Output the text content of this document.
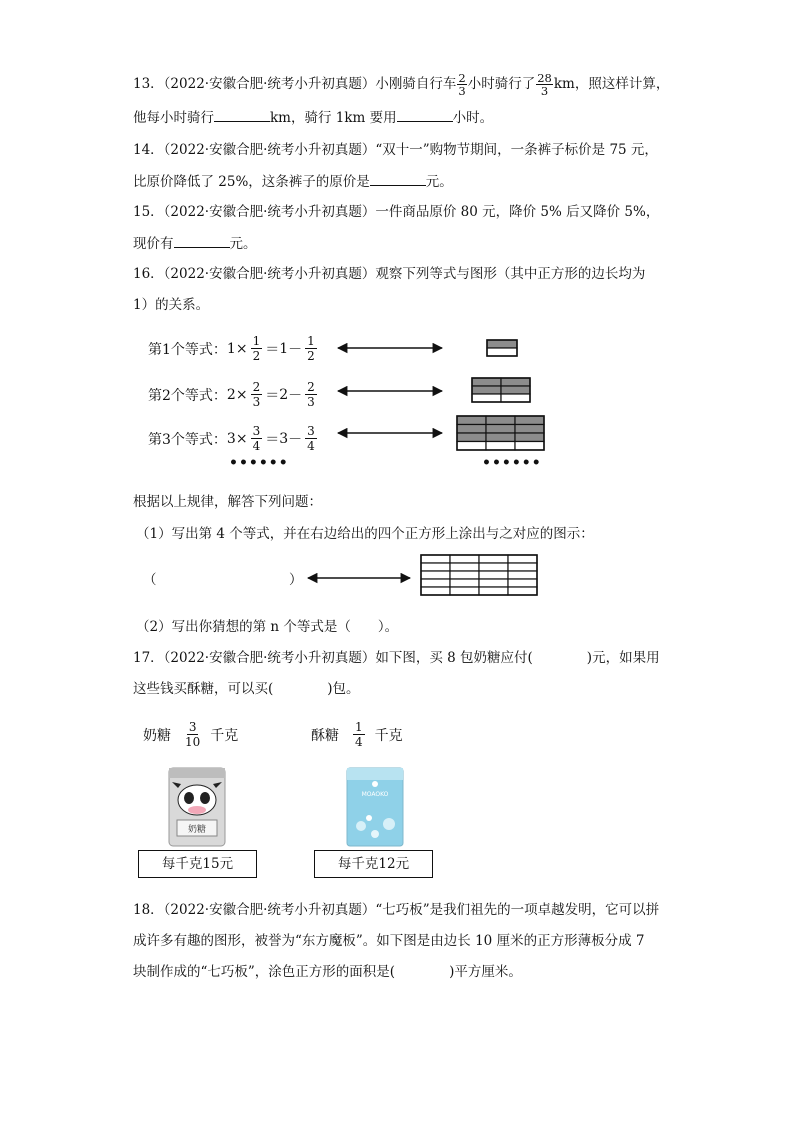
13．（2022·安徽合肥·统考小升初真题）小刚骑自行车 $\frac{2}{3}$ 小时骑行了 $\frac{28}{3}$ km，照这样计算，
他每小时骑行	km，骑行 1km 要用	小时。
14．（2022·安徽合肥·统考小升初真题）“双十一”购物节期间，一条裤子标价是 75 元，
比原价降低了 25%，这条裤子的原价是	元。
15．（2022·安徽合肥·统考小升初真题）一件商品原价 80 元，降价 5% 后又降价 5%，
现价有	元。
16．（2022·安徽合肥·统考小升初真题）观察下列等式与图形（其中正方形的边长均为
1）的关系。
第1个等式： $1 \times \frac{1}{2} = 1$ －
1
2
第2个等式： $2 \times \frac{2}{3} = 2$ －
2
3
第3个等式： $3 \times \frac{3}{4} = 3$ －
3
4
••••••	••••••
根据以上规律，解答下列问题：
（1）写出第 4 个等式，并在右边给出的四个正方形上涂出与之对应的图示：
（	）
（2）写出你猜想的第 n 个等式是（　　）。
17．（2022·安徽合肥·统考小升初真题）如下图，买 8 包奶糖应付(　　　　)元，如果用
这些钱买酥糖，可以买(　　　　)包。
奶糖
3
10 千克	酥糖
1
4 千克
奶糖
MOAOKO
每千克15元	每千克12元
18．（2022·安徽合肥·统考小升初真题）“七巧板”是我们祖先的一项卓越发明，它可以拼
成许多有趣的图形，被誉为“东方魔板”。如下图是由边长 10 厘米的正方形薄板分成 7
块制作成的“七巧板”，涂色正方形的面积是(　　　　)平方厘米。
